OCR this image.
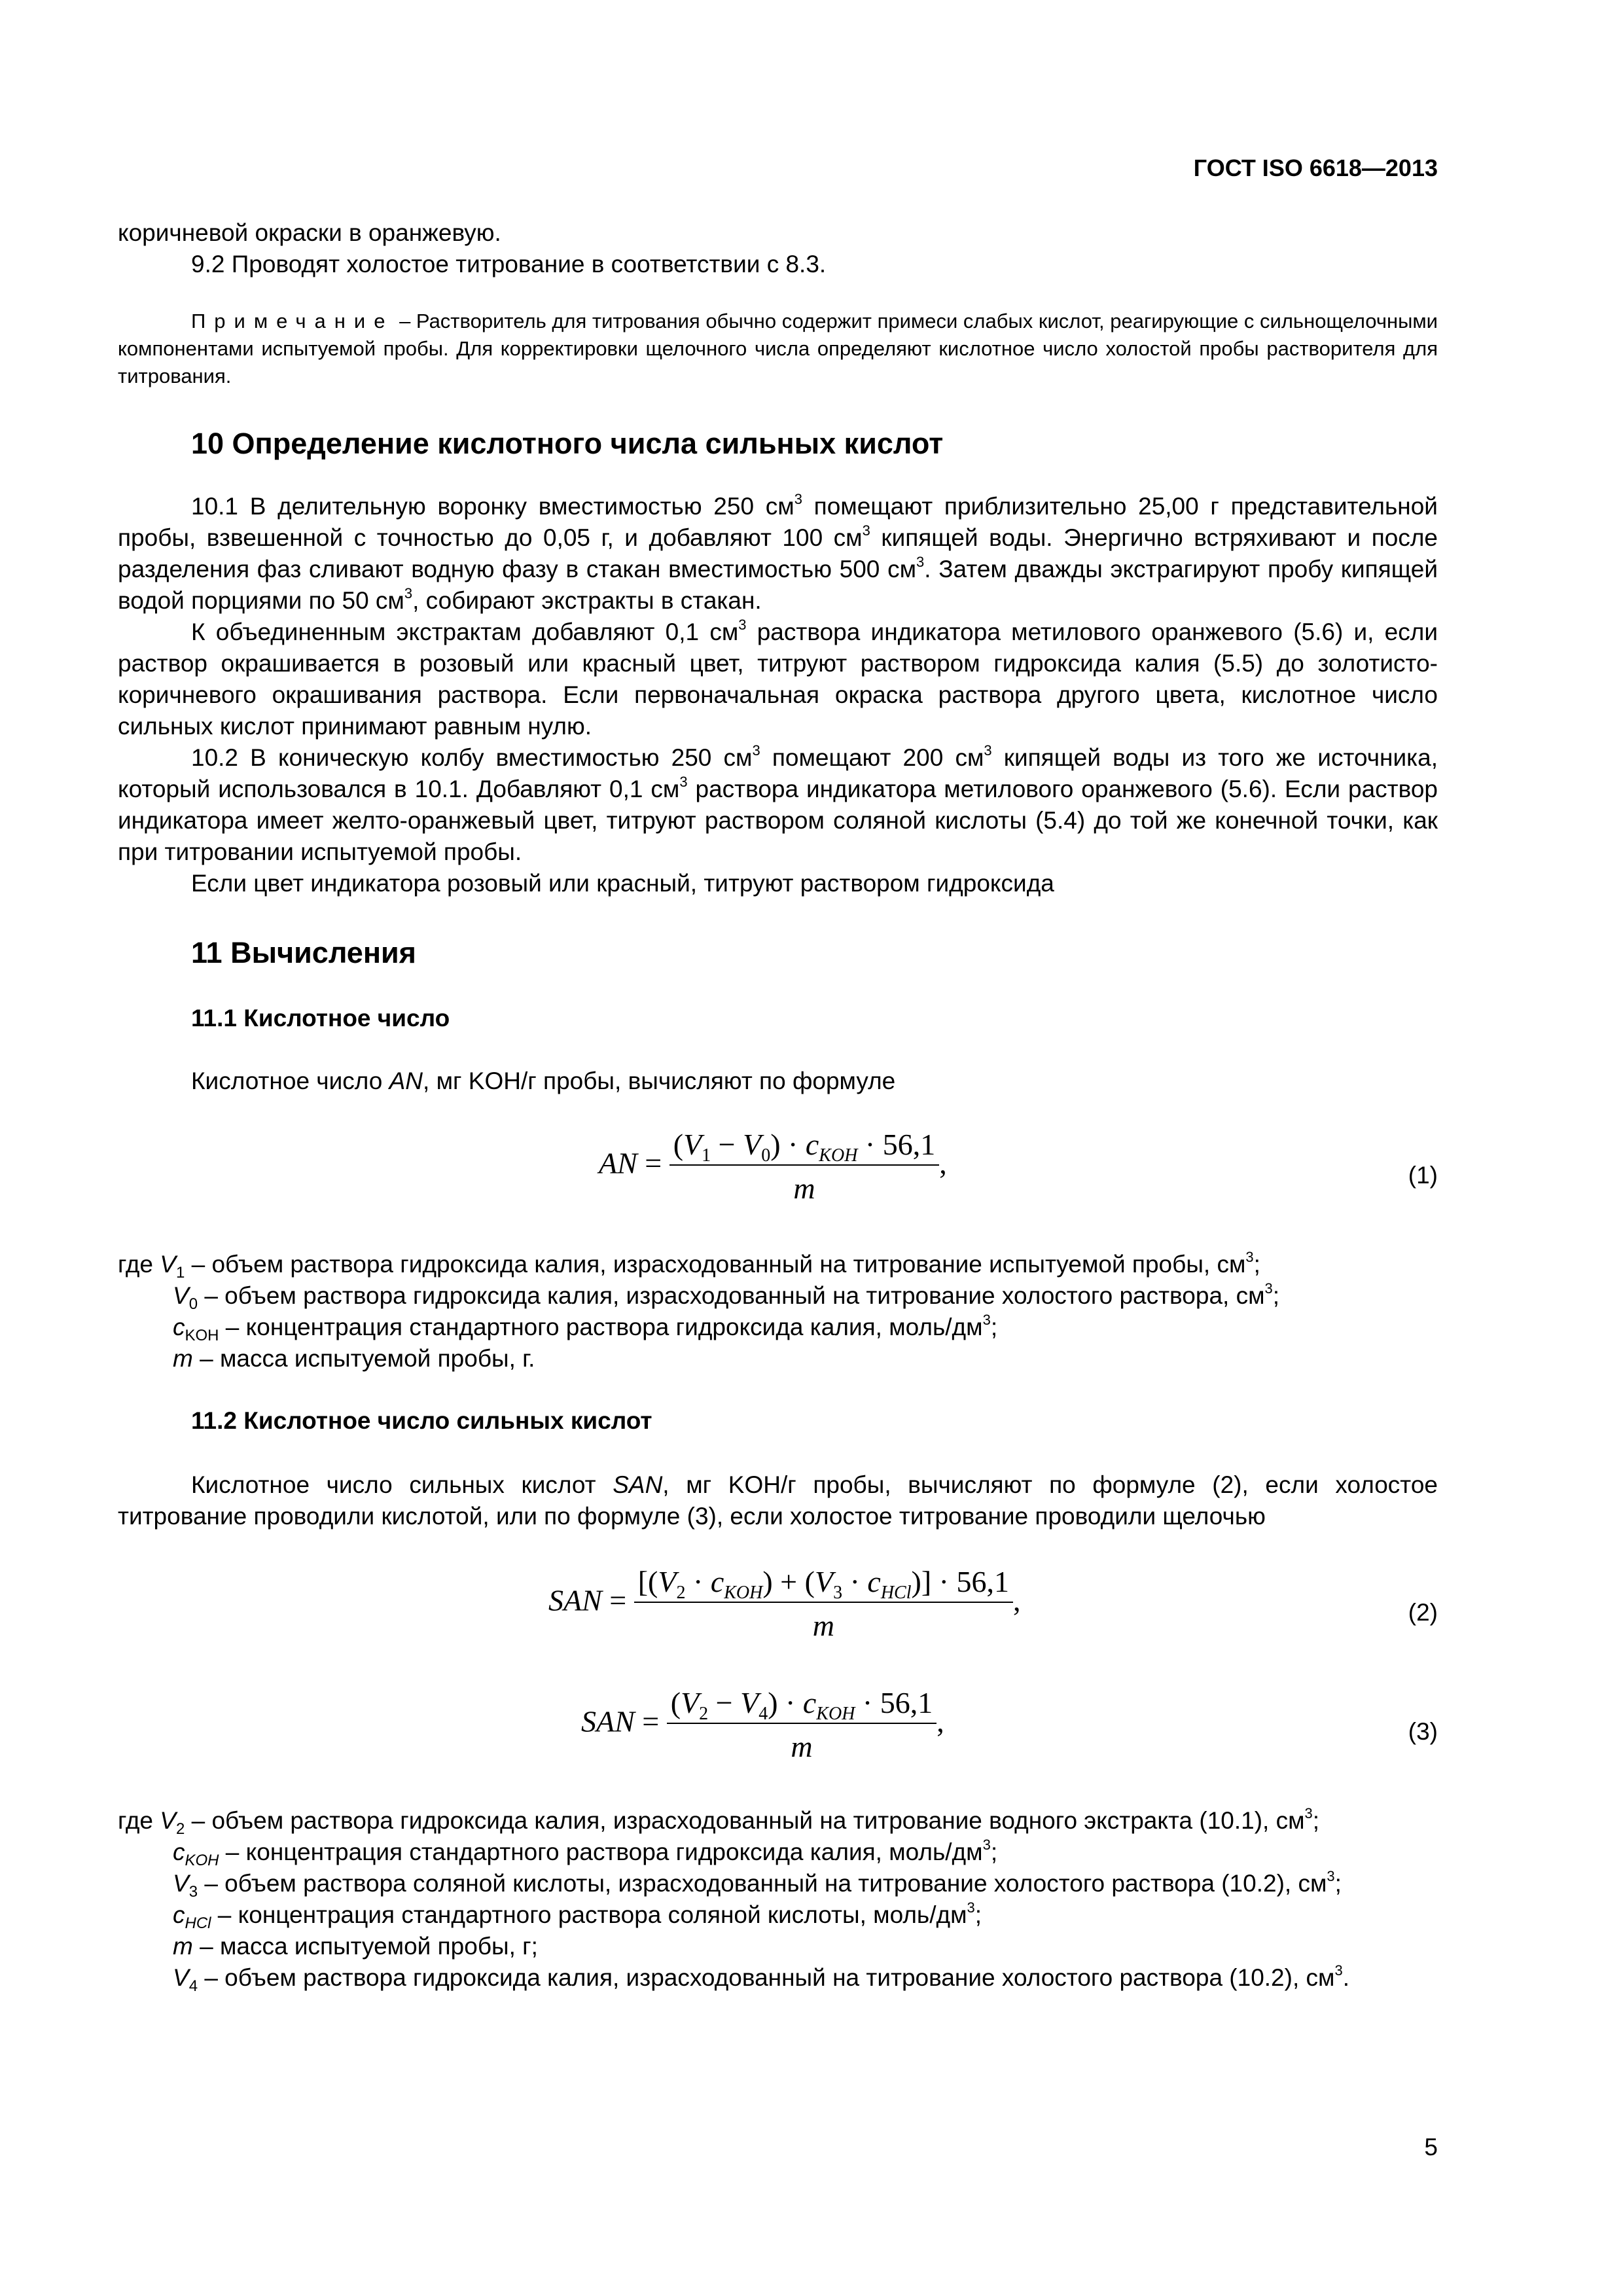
ГОСТ ISO 6618—2013
коричневой окраски в оранжевую.
9.2 Проводят холостое титрование в соответствии с 8.3.
Примечание – Растворитель для титрования обычно содержит примеси слабых кислот, реагирующие с сильнощелочными компонентами испытуемой пробы. Для корректировки щелочного числа определяют кислотное число холостой пробы растворителя для титрования.
10 Определение кислотного числа сильных кислот
10.1 В делительную воронку вместимостью 250 $см^3$ помещают приблизительно 25,00 г представительной пробы, взвешенной с точностью до 0,05 г, и добавляют 100 $см^3$ кипящей воды. Энергично встряхивают и после разделения фаз сливают водную фазу в стакан вместимостью 500 $см^3$. Затем дважды экстрагируют пробу кипящей водой порциями по 50 $см^3$, собирают экстракты в стакан.
К объединенным экстрактам добавляют 0,1 $см^3$ раствора индикатора метилового оранжевого (5.6) и, если раствор окрашивается в розовый или красный цвет, титруют раствором гидроксида калия (5.5) до золотисто-коричневого окрашивания раствора. Если первоначальная окраска раствора другого цвета, кислотное число сильных кислот принимают равным нулю.
10.2 В коническую колбу вместимостью 250 $см^3$ помещают 200 $см^3$ кипящей воды из того же источника, который использовался в 10.1. Добавляют 0,1 $см^3$ раствора индикатора метилового оранжевого (5.6). Если раствор индикатора имеет желто-оранжевый цвет, титруют раствором соляной кислоты (5.4) до той же конечной точки, как при титровании испытуемой пробы.
Если цвет индикатора розовый или красный, титруют раствором гидроксида
11 Вычисления
11.1 Кислотное число
Кислотное число AN, мг KOH/г пробы, вычисляют по формуле
AN = $\frac{(V_1 - V_0) \cdot c_{KOH} \cdot 56,1}{m}$ ,	(1)

где $V_1$ – объем раствора гидроксида калия, израсходованный на титрование испытуемой пробы, $см^3$;

$V_0$ – объем раствора гидроксида калия, израсходованный на титрование холостого раствора, $см^3$;

$c_{KOH}$ – концентрация стандартного раствора гидроксида калия, моль/$дм^3$;

m – масса испытуемой пробы, г.

11.2 Кислотное число сильных кислот
Кислотное число сильных кислот SAN, мг KOH/г пробы, вычисляют по формуле (2), если холостое титрование проводили кислотой, или по формуле (3), если холостое титрование проводили щелочью
SAN = $\frac{[(V_2 \cdot c_{KOH}) + (V_3 \cdot c_{HCl})] \cdot 56,1}{m}$ ,	(2)
SAN = $\frac{(V_2 - V_4) \cdot c_{KOH} \cdot 56,1}{m}$ ,	(3)

где $V_2$ – объем раствора гидроксида калия, израсходованный на титрование водного экстракта (10.1), $см^3$;

$c_{KOH}$ – концентрация стандартного раствора гидроксида калия, моль/$дм^3$;

$V_3$ – объем раствора соляной кислоты, израсходованный на титрование холостого раствора (10.2), $см^3$;

$c_{HCl}$ – концентрация стандартного раствора соляной кислоты, моль/$дм^3$;

m – масса испытуемой пробы, г;

$V_4$ – объем раствора гидроксида калия, израсходованный на титрование холостого раствора (10.2), $см^3$.

5
